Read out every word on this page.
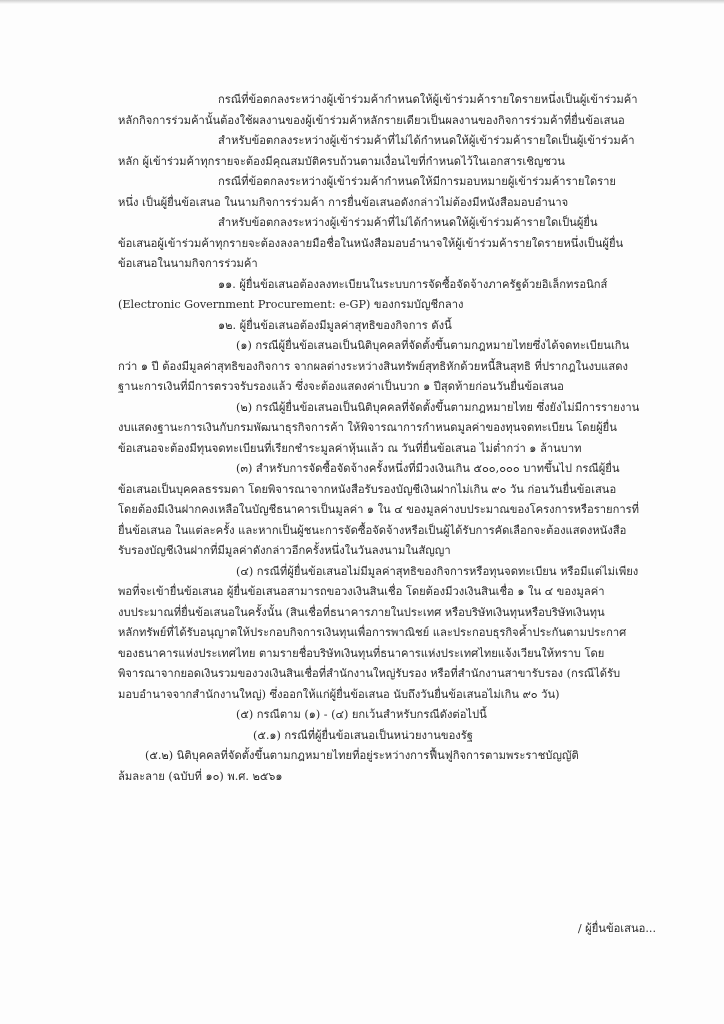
กรณีที่ข้อตกลงระหว่างผู้เข้าร่วมค้ากำหนดให้ผู้เข้าร่วมค้ารายใดรายหนึ่งเป็นผู้เข้าร่วมค้า
หลักกิจการร่วมค้านั้นต้องใช้ผลงานของผู้เข้าร่วมค้าหลักรายเดียวเป็นผลงานของกิจการร่วมค้าที่ยื่นข้อเสนอ
สำหรับข้อตกลงระหว่างผู้เข้าร่วมค้าที่ไม่ได้กำหนดให้ผู้เข้าร่วมค้ารายใดเป็นผู้เข้าร่วมค้า
หลัก ผู้เข้าร่วมค้าทุกรายจะต้องมีคุณสมบัติครบถ้วนตามเงื่อนไขที่กำหนดไว้ในเอกสารเชิญชวน
กรณีที่ข้อตกลงระหว่างผู้เข้าร่วมค้ากำหนดให้มีการมอบหมายผู้เข้าร่วมค้ารายใดราย
หนึ่ง เป็นผู้ยื่นข้อเสนอ ในนามกิจการร่วมค้า การยื่นข้อเสนอดังกล่าวไม่ต้องมีหนังสือมอบอำนาจ
สำหรับข้อตกลงระหว่างผู้เข้าร่วมค้าที่ไม่ได้กำหนดให้ผู้เข้าร่วมค้ารายใดเป็นผู้ยื่น
ข้อเสนอผู้เข้าร่วมค้าทุกรายจะต้องลงลายมือชื่อในหนังสือมอบอำนาจให้ผู้เข้าร่วมค้ารายใดรายหนึ่งเป็นผู้ยื่น
ข้อเสนอในนามกิจการร่วมค้า
๑๑. ผู้ยื่นข้อเสนอต้องลงทะเบียนในระบบการจัดซื้อจัดจ้างภาครัฐด้วยอิเล็กทรอนิกส์
(Electronic Government Procurement: e-GP) ของกรมบัญชีกลาง
๑๒. ผู้ยื่นข้อเสนอต้องมีมูลค่าสุทธิของกิจการ ดังนี้
(๑) กรณีผู้ยื่นข้อเสนอเป็นนิติบุคคลที่จัดตั้งขึ้นตามกฎหมายไทยซึ่งได้จดทะเบียนเกิน
กว่า ๑ ปี ต้องมีมูลค่าสุทธิของกิจการ จากผลต่างระหว่างสินทรัพย์สุทธิหักด้วยหนี้สินสุทธิ ที่ปรากฎในงบแสดง
ฐานะการเงินที่มีการตรวจรับรองแล้ว ซึ่งจะต้องแสดงค่าเป็นบวก ๑ ปีสุดท้ายก่อนวันยื่นข้อเสนอ
(๒) กรณีผู้ยื่นข้อเสนอเป็นนิติบุคคลที่จัดตั้งขึ้นตามกฎหมายไทย ซึ่งยังไม่มีการรายงาน
งบแสดงฐานะการเงินกับกรมพัฒนาธุรกิจการค้า ให้พิจารณาการกำหนดมูลค่าของทุนจดทะเบียน โดยผู้ยื่น
ข้อเสนอจะต้องมีทุนจดทะเบียนที่เรียกชำระมูลค่าหุ้นแล้ว ณ วันที่ยื่นข้อเสนอ ไม่ต่ำกว่า ๑ ล้านบาท
(๓) สำหรับการจัดซื้อจัดจ้างครั้งหนึ่งที่มีวงเงินเกิน ๕๐๐,๐๐๐ บาทขึ้นไป กรณีผู้ยื่น
ข้อเสนอเป็นบุคคลธรรมดา โดยพิจารณาจากหนังสือรับรองบัญชีเงินฝากไม่เกิน ๙๐ วัน ก่อนวันยื่นข้อเสนอ
โดยต้องมีเงินฝากคงเหลือในบัญชีธนาคารเป็นมูลค่า ๑ ใน ๔ ของมูลค่างบประมาณของโครงการหรือรายการที่
ยื่นข้อเสนอ ในแต่ละครั้ง และหากเป็นผู้ชนะการจัดซื้อจัดจ้างหรือเป็นผู้ได้รับการคัดเลือกจะต้องแสดงหนังสือ
รับรองบัญชีเงินฝากที่มีมูลค่าดังกล่าวอีกครั้งหนึ่งในวันลงนามในสัญญา
(๔) กรณีที่ผู้ยื่นข้อเสนอไม่มีมูลค่าสุทธิของกิจการหรือทุนจดทะเบียน หรือมีแต่ไม่เพียง
พอที่จะเข้ายื่นข้อเสนอ ผู้ยื่นข้อเสนอสามารถขอวงเงินสินเชื่อ โดยต้องมีวงเงินสินเชื่อ ๑ ใน ๔ ของมูลค่า
งบประมาณที่ยื่นข้อเสนอในครั้งนั้น (สินเชื่อที่ธนาคารภายในประเทศ หรือบริษัทเงินทุนหรือบริษัทเงินทุน
หลักทรัพย์ที่ได้รับอนุญาตให้ประกอบกิจการเงินทุนเพื่อการพาณิชย์ และประกอบธุรกิจค้ำประกันตามประกาศ
ของธนาคารแห่งประเทศไทย ตามรายชื่อบริษัทเงินทุนที่ธนาคารแห่งประเทศไทยแจ้งเวียนให้ทราบ โดย
พิจารณาจากยอดเงินรวมของวงเงินสินเชื่อที่สำนักงานใหญ่รับรอง หรือที่สำนักงานสาขารับรอง (กรณีได้รับ
มอบอำนาจจากสำนักงานใหญ่) ซึ่งออกให้แก่ผู้ยื่นข้อเสนอ นับถึงวันยื่นข้อเสนอไม่เกิน ๙๐ วัน)
(๕) กรณีตาม (๑) - (๔) ยกเว้นสำหรับกรณีดังต่อไปนี้
(๕.๑) กรณีที่ผู้ยื่นข้อเสนอเป็นหน่วยงานของรัฐ
(๕.๒) นิติบุคคลที่จัดตั้งขึ้นตามกฎหมายไทยที่อยู่ระหว่างการฟื้นฟูกิจการตามพระราชบัญญัติ
ล้มละลาย (ฉบับที่ ๑๐) พ.ศ. ๒๕๖๑
/ ผู้ยื่นข้อเสนอ...
